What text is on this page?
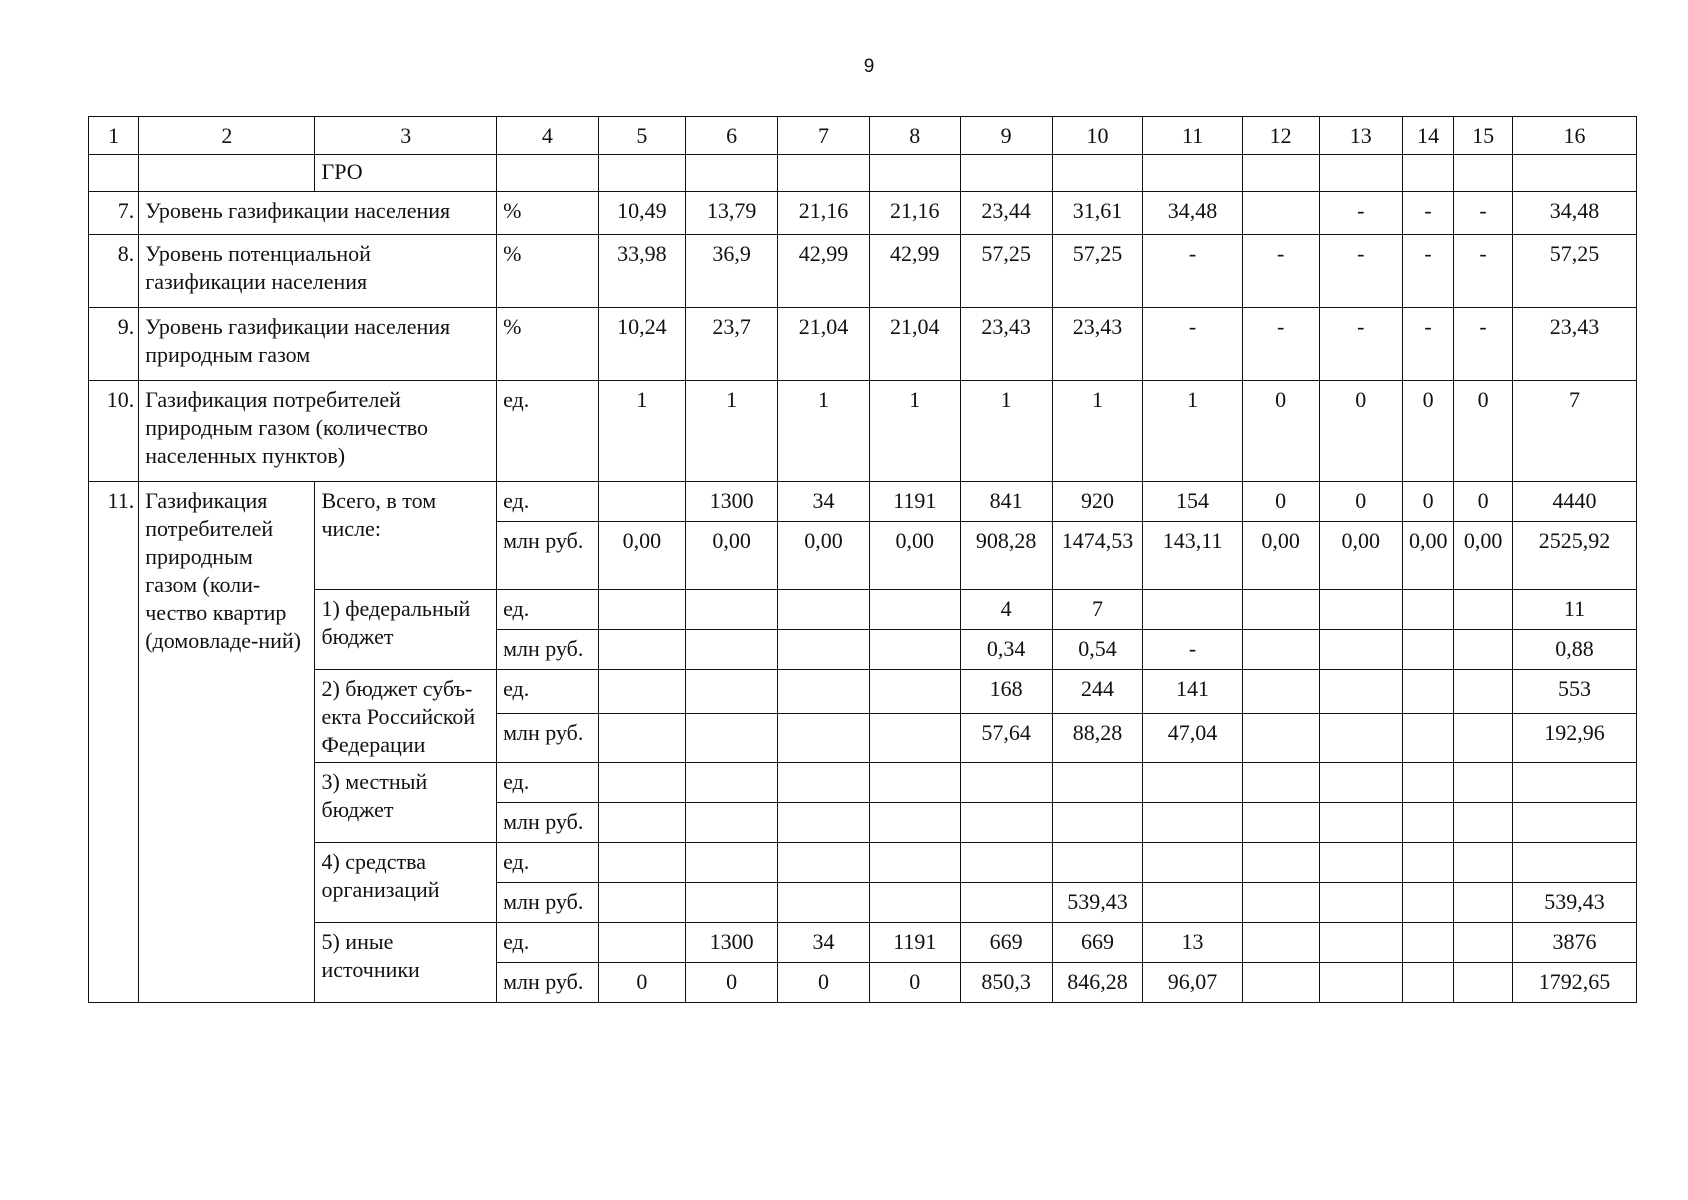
9
1	2	3	4	5	6	7	8	9	10	11	12	13	14	15	16
		ГРО													
7.	Уровень газификации населения		%	10,49	13,79	21,16	21,16	23,44	31,61	34,48		-	-	-	34,48
8.	Уровень потенциальной газификации населения		%	33,98	36,9	42,99	42,99	57,25	57,25	-	-	-	-	-	57,25
9.	Уровень газификации населения природным газом		%	10,24	23,7	21,04	21,04	23,43	23,43	-	-	-	-	-	23,43
10.	Газификация потребителей природным газом (количество населенных пунктов)		ед.	1	1	1	1	1	1	1	0	0	0	0	7
11.	Газификация потребителей природным газом (коли-чество квартир (домовладе-ний)	Всего, в том числе:	ед.		1300	34	1191	841	920	154	0	0	0	0	4440
			млн руб.	0,00	0,00	0,00	0,00	908,28	1474,53	143,11	0,00	0,00	0,00	0,00	2525,92
		1) федеральный бюджет	ед.					4	7						11
			млн руб.					0,34	0,54	-					0,88
		2) бюджет субъ-екта Российской Федерации	ед.					168	244	141					553
			млн руб.					57,64	88,28	47,04					192,96
		3) местный бюджет	ед.												
			млн руб.												
		4) средства организаций	ед.												
			млн руб.						539,43						539,43
		5) иные источники	ед.		1300	34	1191	669	669	13					3876
			млн руб.	0	0	0	0	850,3	846,28	96,07					1792,65
